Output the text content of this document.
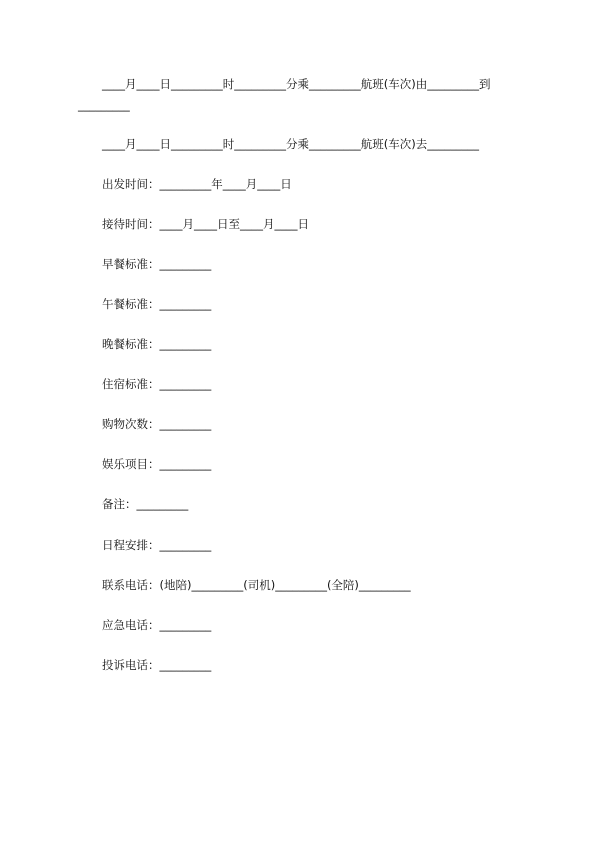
____月____日_________时_________分乘_________航班(车次)由_________到
_________
____月____日_________时_________分乘_________航班(车次)去_________
出发时间：_________年____月____日
接待时间：____月____日至____月____日
早餐标准：_________
午餐标准：_________
晚餐标准：_________
住宿标准：_________
购物次数：_________
娱乐项目：_________
备注：_________
日程安排：_________
联系电话：(地陪)_________(司机)_________(全陪)_________
应急电话：_________
投诉电话：_________
